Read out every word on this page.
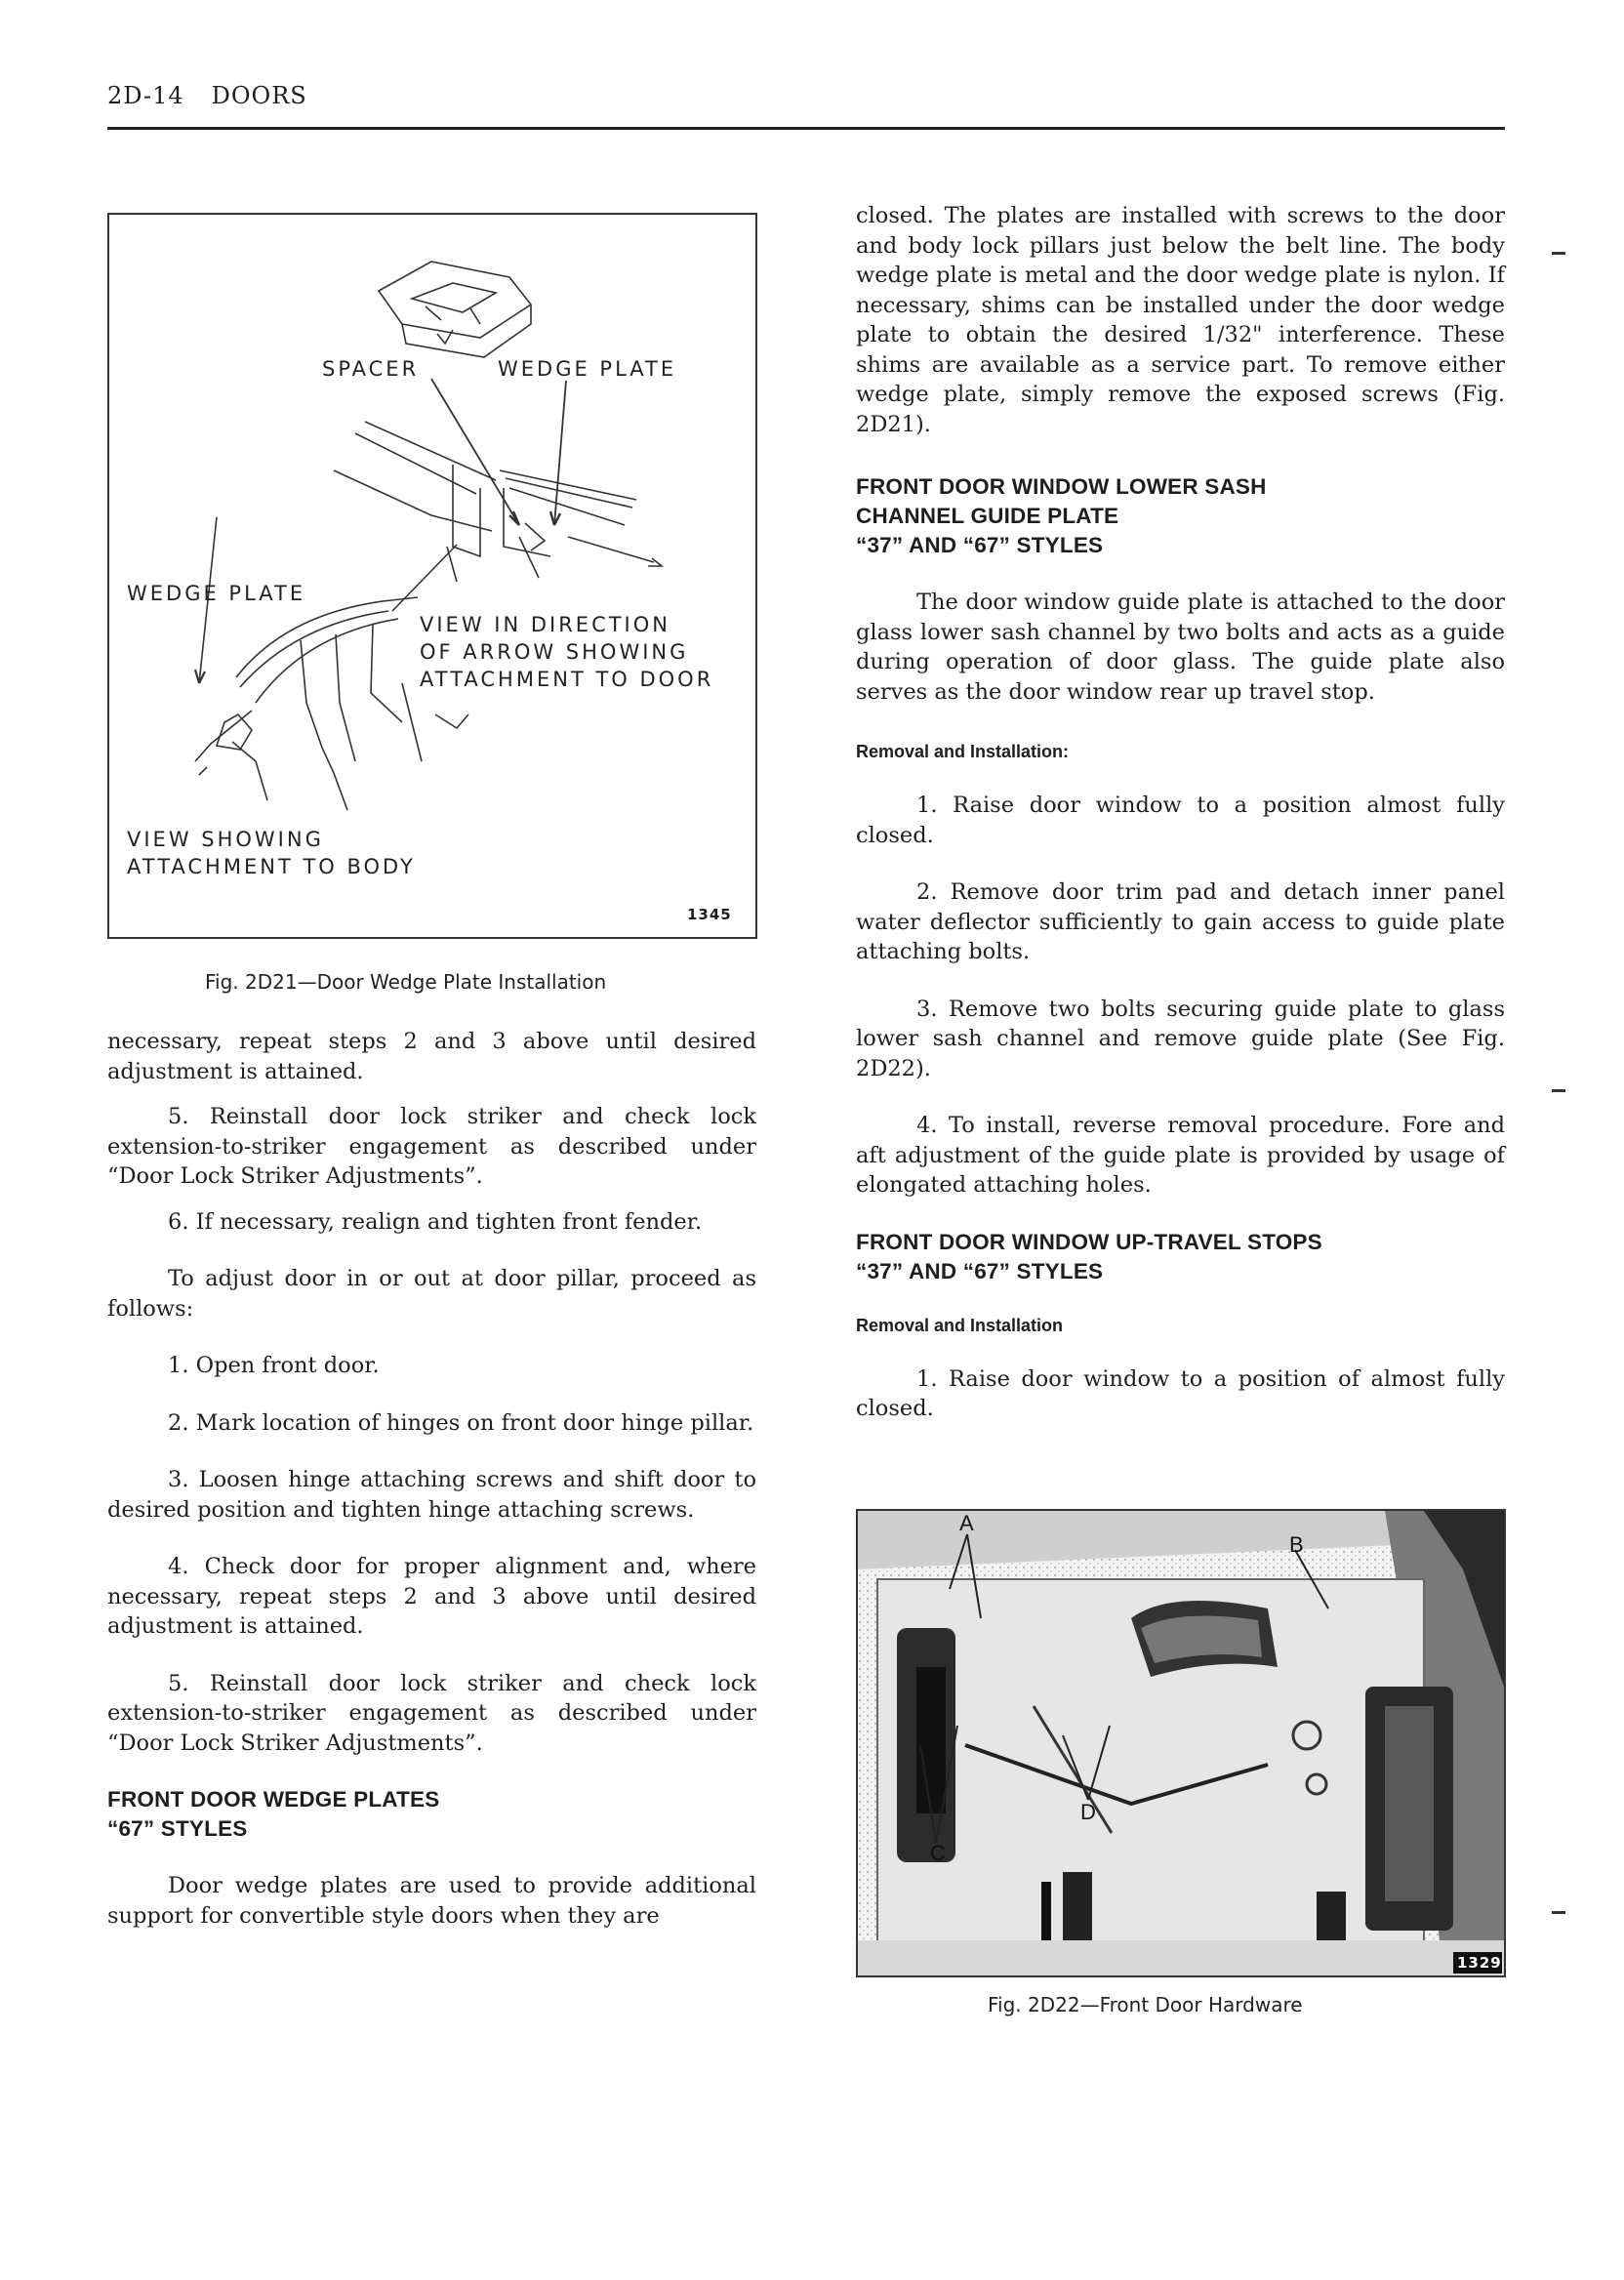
2D-14 DOORS
SPACER	WEDGE PLATE
WEDGE PLATE
VIEW IN DIRECTION
OF ARROW SHOWING
ATTACHMENT TO DOOR
VIEW SHOWING
ATTACHMENT TO BODY
1345
Fig. 2D21—Door Wedge Plate Installation

necessary, repeat steps 2 and 3 above until desired adjustment is attained.

5. Reinstall door lock striker and check lock extension-to-striker engagement as described under “Door Lock Striker Adjustments”.

6. If necessary, realign and tighten front fender.

To adjust door in or out at door pillar, proceed as follows:

1. Open front door.

2. Mark location of hinges on front door hinge pillar.

3. Loosen hinge attaching screws and shift door to desired position and tighten hinge attaching screws.

4. Check door for proper alignment and, where necessary, repeat steps 2 and 3 above until desired adjustment is attained.

5. Reinstall door lock striker and check lock extension-to-striker engagement as described under “Door Lock Striker Adjustments”.

FRONT DOOR WEDGE PLATES
“67” STYLES

Door wedge plates are used to provide additional support for convertible style doors when they are

closed. The plates are installed with screws to the door and body lock pillars just below the belt line. The body wedge plate is metal and the door wedge plate is nylon. If necessary, shims can be installed under the door wedge plate to obtain the desired 1/32" interference. These shims are available as a service part. To remove either wedge plate, simply remove the exposed screws (Fig. 2D21).

FRONT DOOR WINDOW LOWER SASH
CHANNEL GUIDE PLATE
“37” AND “67” STYLES

The door window guide plate is attached to the door glass lower sash channel by two bolts and acts as a guide during operation of door glass. The guide plate also serves as the door window rear up travel stop.

Removal and Installation:

1. Raise door window to a position almost fully closed.

2. Remove door trim pad and detach inner panel water deflector sufficiently to gain access to guide plate attaching bolts.

3. Remove two bolts securing guide plate to glass lower sash channel and remove guide plate (See Fig. 2D22).

4. To install, reverse removal procedure. Fore and aft adjustment of the guide plate is provided by usage of elongated attaching holes.

FRONT DOOR WINDOW UP-TRAVEL STOPS
“37” AND “67” STYLES
Removal and Installation

1. Raise door window to a position of almost fully closed.

A
B
C
D
1329
Fig. 2D22—Front Door Hardware
